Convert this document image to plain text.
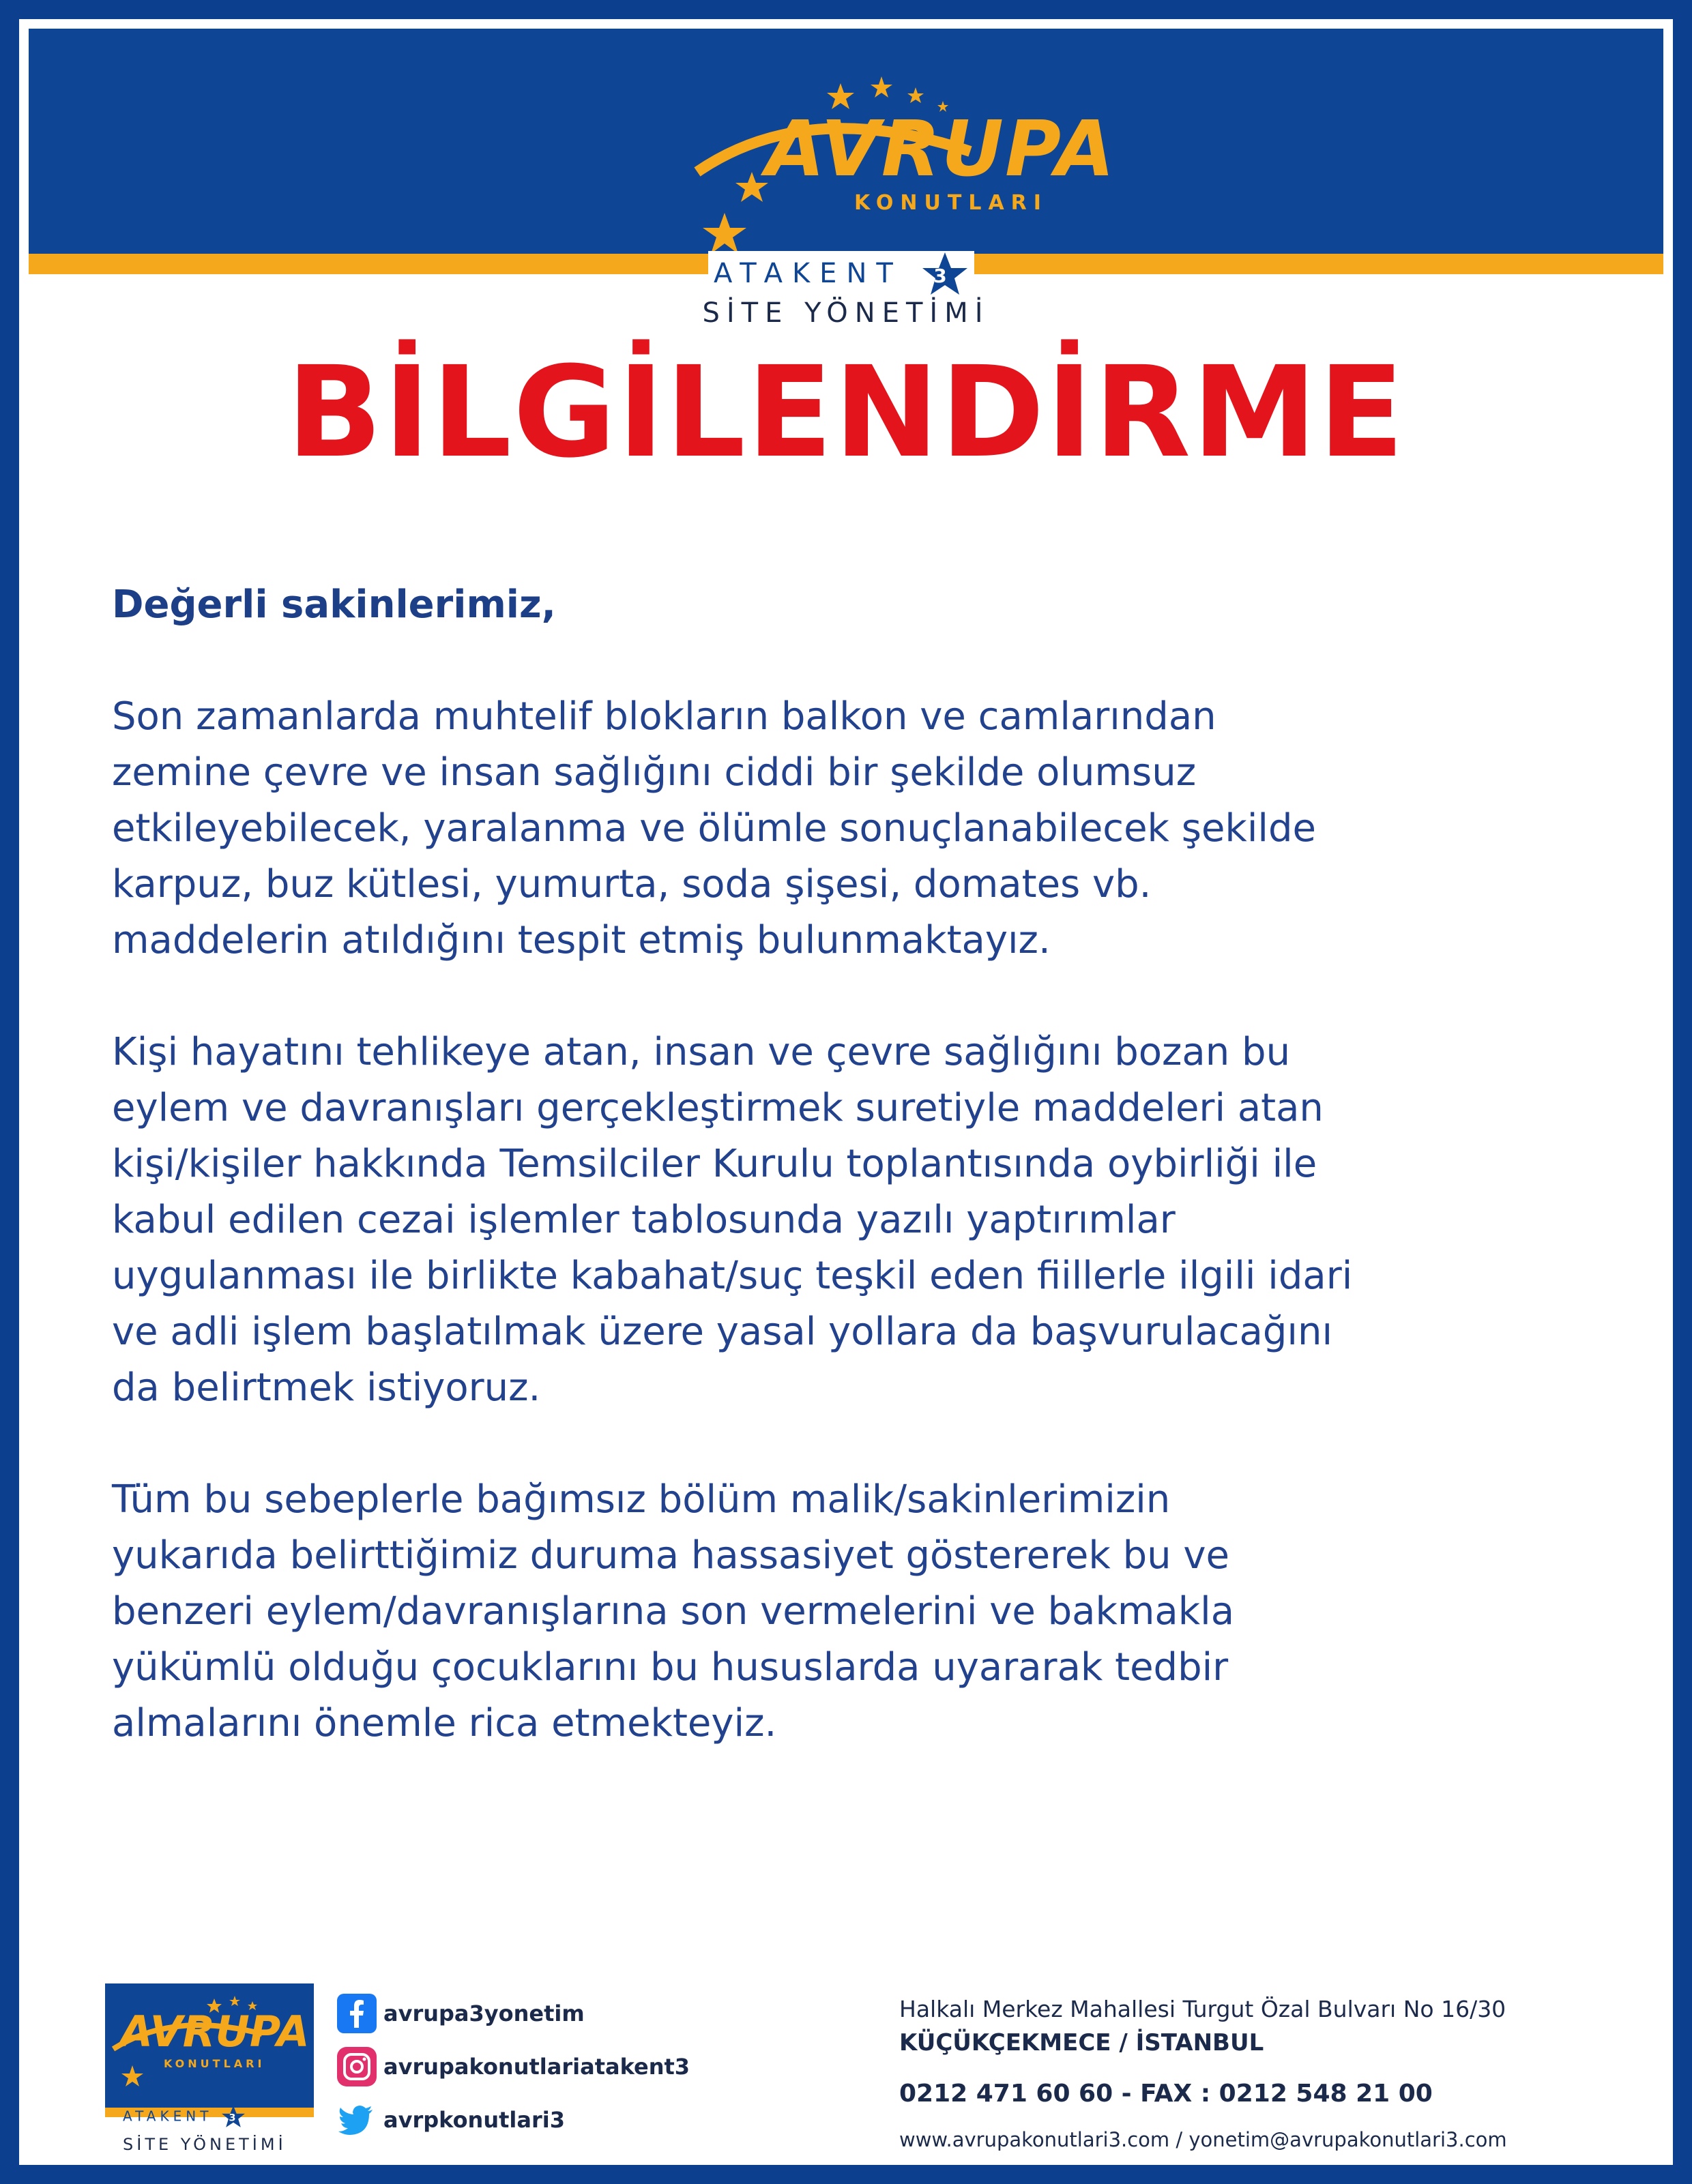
AVRUPA
KONUTLARI
ATAKENT 3
SİTE YÖNETİMİ
BİLGİLENDİRME

Değerli sakinlerimiz,

Son zamanlarda muhtelif blokların balkon ve camlarından
zemine çevre ve insan sağlığını ciddi bir şekilde olumsuz
etkileyebilecek, yaralanma ve ölümle sonuçlanabilecek şekilde
karpuz, buz kütlesi, yumurta, soda şişesi, domates vb.
maddelerin atıldığını tespit etmiş bulunmaktayız.

Kişi hayatını tehlikeye atan, insan ve çevre sağlığını bozan bu
eylem ve davranışları gerçekleştirmek suretiyle maddeleri atan
kişi/kişiler hakkında Temsilciler Kurulu toplantısında oybirliği ile
kabul edilen cezai işlemler tablosunda yazılı yaptırımlar
uygulanması ile birlikte kabahat/suç teşkil eden fiillerle ilgili idari
ve adli işlem başlatılmak üzere yasal yollara da başvurulacağını
da belirtmek istiyoruz.

Tüm bu sebeplerle bağımsız bölüm malik/sakinlerimizin
yukarıda belirttiğimiz duruma hassasiyet göstererek bu ve
benzeri eylem/davranışlarına son vermelerini ve bakmakla
yükümlü olduğu çocuklarını bu hususlarda uyararak tedbir
almalarını önemle rica etmekteyiz.

AVRUPA
KONUTLARI
ATAKENT 3
SİTE YÖNETİMİ
avrupa3yonetim
avrupakonutlariatakent3
avrpkonutlari3
Halkalı Merkez Mahallesi Turgut Özal Bulvarı No 16/30
KÜÇÜKÇEKMECE / İSTANBUL
0212 471 60 60 - FAX : 0212 548 21 00
www.avrupakonutlari3.com / yonetim@avrupakonutlari3.com
